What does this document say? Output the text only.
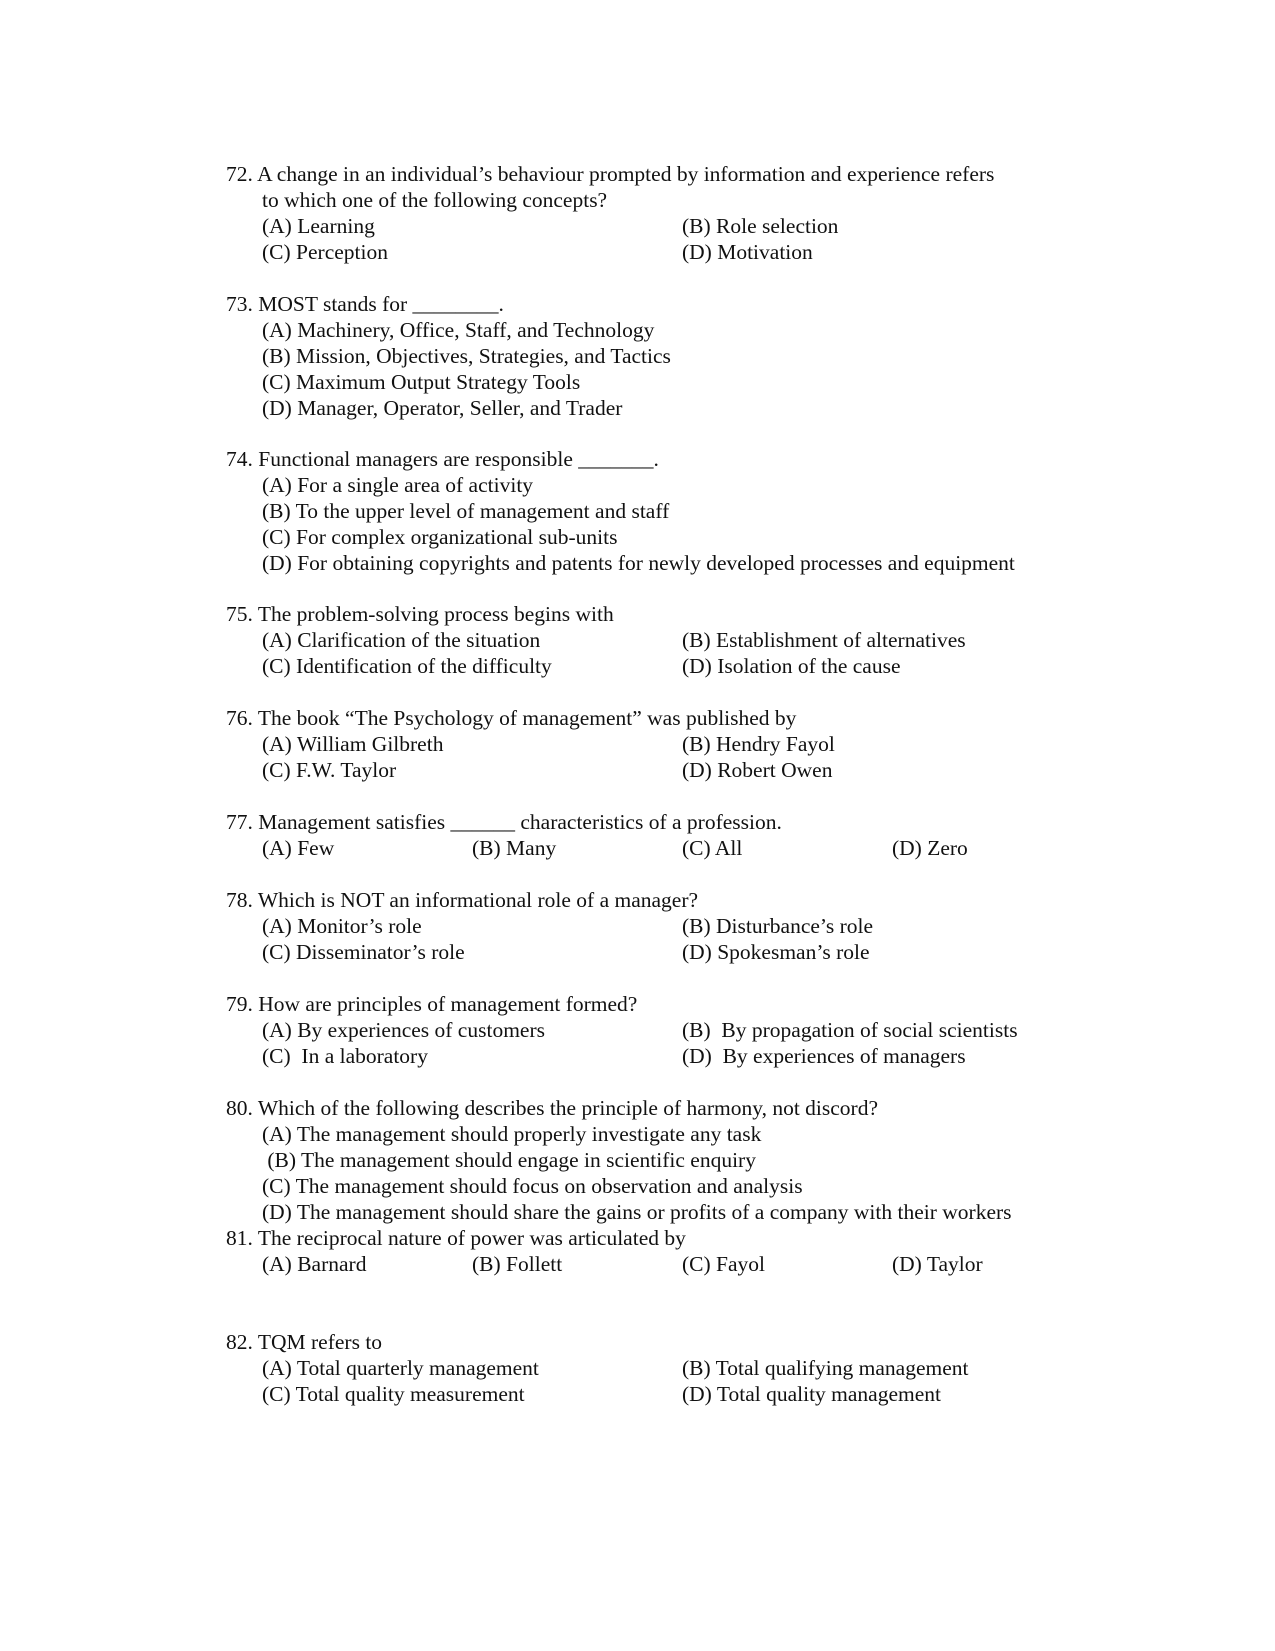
72. A change in an individual’s behaviour prompted by information and experience refers
to which one of the following concepts?
(A) Learning	(B) Role selection
(C) Perception	(D) Motivation
73. MOST stands for ________.
(A) Machinery, Office, Staff, and Technology
(B) Mission, Objectives, Strategies, and Tactics
(C) Maximum Output Strategy Tools
(D) Manager, Operator, Seller, and Trader
74. Functional managers are responsible _______.
(A) For a single area of activity
(B) To the upper level of management and staff
(C) For complex organizational sub-units
(D) For obtaining copyrights and patents for newly developed processes and equipment
75. The problem-solving process begins with
(A) Clarification of the situation	(B) Establishment of alternatives
(C) Identification of the difficulty	(D) Isolation of the cause
76. The book “The Psychology of management” was published by
(A) William Gilbreth	(B) Hendry Fayol
(C) F.W. Taylor	(D) Robert Owen
77. Management satisfies ______ characteristics of a profession.
(A) Few	(B) Many	(C) All	(D) Zero
78. Which is NOT an informational role of a manager?
(A) Monitor’s role	(B) Disturbance’s role
(C) Disseminator’s role	(D) Spokesman’s role
79. How are principles of management formed?
(A) By experiences of customers	(B)  By propagation of social scientists
(C)  In a laboratory	(D)  By experiences of managers
80. Which of the following describes the principle of harmony, not discord?
(A) The management should properly investigate any task
(B) The management should engage in scientific enquiry
(C) The management should focus on observation and analysis
(D) The management should share the gains or profits of a company with their workers
81. The reciprocal nature of power was articulated by
(A) Barnard	(B) Follett	(C) Fayol	(D) Taylor
82. TQM refers to
(A) Total quarterly management	(B) Total qualifying management
(C) Total quality measurement	(D) Total quality management
